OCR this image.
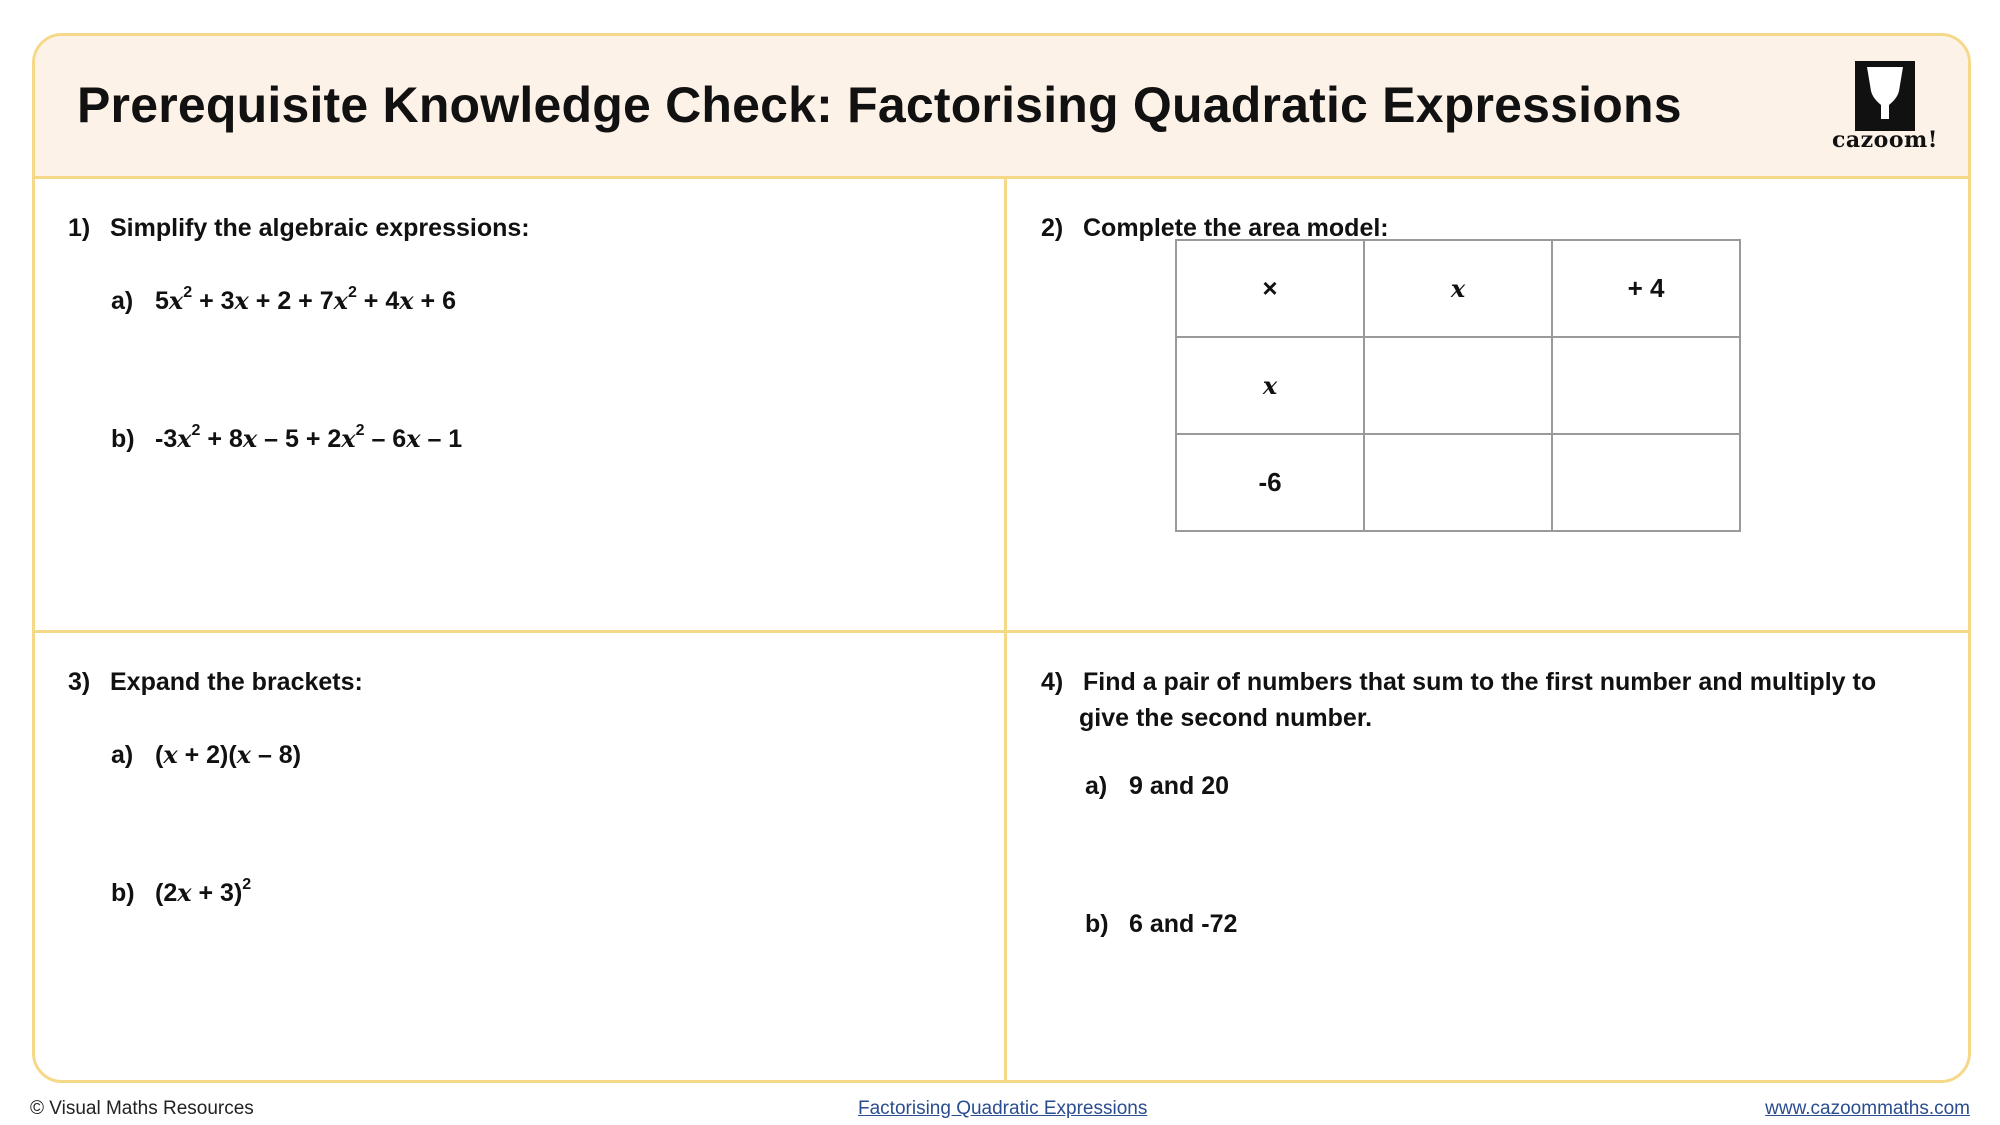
Prerequisite Knowledge Check: Factorising Quadratic Expressions
cazoom!
1) Simplify the algebraic expressions:
a) $5x^2 + 3x + 2 + 7x^2 + 4x + 6$
b) $-3x^2 + 8x - 5 + 2x^2 - 6x - 1$
2) Complete the area model:
3) Expand the brackets:
a) (x + 2)(x – 8)
b) $(2x + 3)^2$
4) Find a pair of numbers that sum to the first number and multiply to
give the second number.
a) 9 and 20
b) 6 and -72
×	x	+ 4
x		
-6		
© Visual Maths Resources	Factorising Quadratic Expressions	www.cazoommaths.com
